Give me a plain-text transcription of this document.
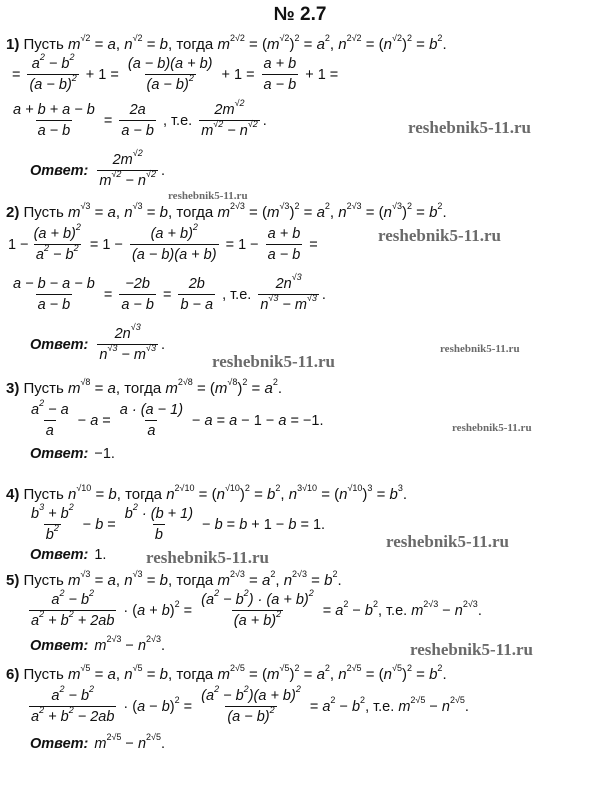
№ 2.7
1) Пусть $m^{√2} = a$, $n^{√2} = b$, тогда $m^{2√2} = (m^{√2})^2 = a^2$, $n^{2√2} = (n^{√2})^2 = b^2$.
= $\frac{a^2 - b^2}{(a - b)^2} + 1 = \frac{(a - b)(a + b)}{(a - b)^2} + 1 = \frac{a + b}{a - b} + 1$ =
$\frac{a + b + a - b}{a - b} = \frac{2a}{a - b}$ , т.е. $\frac{2m^{√2}}{m^{√2} - n^{√2}}$ .
Ответ: $\frac{2m^{√2}}{m^{√2} - n^{√2}}$ .
2) Пусть $m^{√3} = a$, $n^{√3} = b$, тогда $m^{2√3} = (m^{√3})^2 = a^2$, $n^{2√3} = (n^{√3})^2 = b^2$.
$1 - \frac{(a + b)^2}{a^2 - b^2} = 1 - \frac{(a + b)^2}{(a - b)(a + b)} = 1 - \frac{a + b}{a - b}$ =
$\frac{a - b - a - b}{a - b} = \frac{-2b}{a - b} = \frac{2b}{b - a}$ , т.е. $\frac{2n^{√3}}{n^{√3} - m^{√3}}$ .
Ответ: $\frac{2n^{√3}}{n^{√3} - m^{√3}}$ .
3) Пусть $m^{√8} = a$, тогда $m^{2√8} = (m^{√8})^2 = a^2$.
$\frac{a^2 - a}{a} - a = \frac{a \cdot (a - 1)}{a} - a = a - 1 - a = -1$.
Ответ: −1.
4) Пусть $n^{√10} = b$, тогда $n^{2√10} = (n^{√10})^2 = b^2$, $n^{3√10} = (n^{√10})^3 = b^3$.
$\frac{b^3 + b^2}{b^2} - b = \frac{b^2 \cdot (b + 1)}{b} - b = b + 1 - b = 1$.
Ответ: 1.
5) Пусть $m^{√3} = a$, $n^{√3} = b$, тогда $m^{2√3} = a^2$, $n^{2√3} = b^2$.
$\frac{a^2 - b^2}{a^2 + b^2 + 2ab} \cdot (a + b)^2 = \frac{(a^2 - b^2) \cdot (a + b)^2}{(a + b)^2} = a^2 - b^2$, т.е. $m^{2√3} - n^{2√3}$.
Ответ: $m^{2√3} - n^{2√3}$.
6) Пусть $m^{√5} = a$, $n^{√5} = b$, тогда $m^{2√5} = (m^{√5})^2 = a^2$, $n^{2√5} = (n^{√5})^2 = b^2$.
$\frac{a^2 - b^2}{a^2 + b^2 - 2ab} \cdot (a - b)^2 = \frac{(a^2 - b^2)(a + b)^2}{(a - b)^2} = a^2 - b^2$, т.е. $m^{2√5} - n^{2√5}$.
Ответ: $m^{2√5} - n^{2√5}$.
reshebnik5-11.ru
reshebnik5-11.ru
reshebnik5-11.ru
reshebnik5-11.ru
reshebnik5-11.ru
reshebnik5-11.ru
reshebnik5-11.ru
reshebnik5-11.ru
reshebnik5-11.ru
